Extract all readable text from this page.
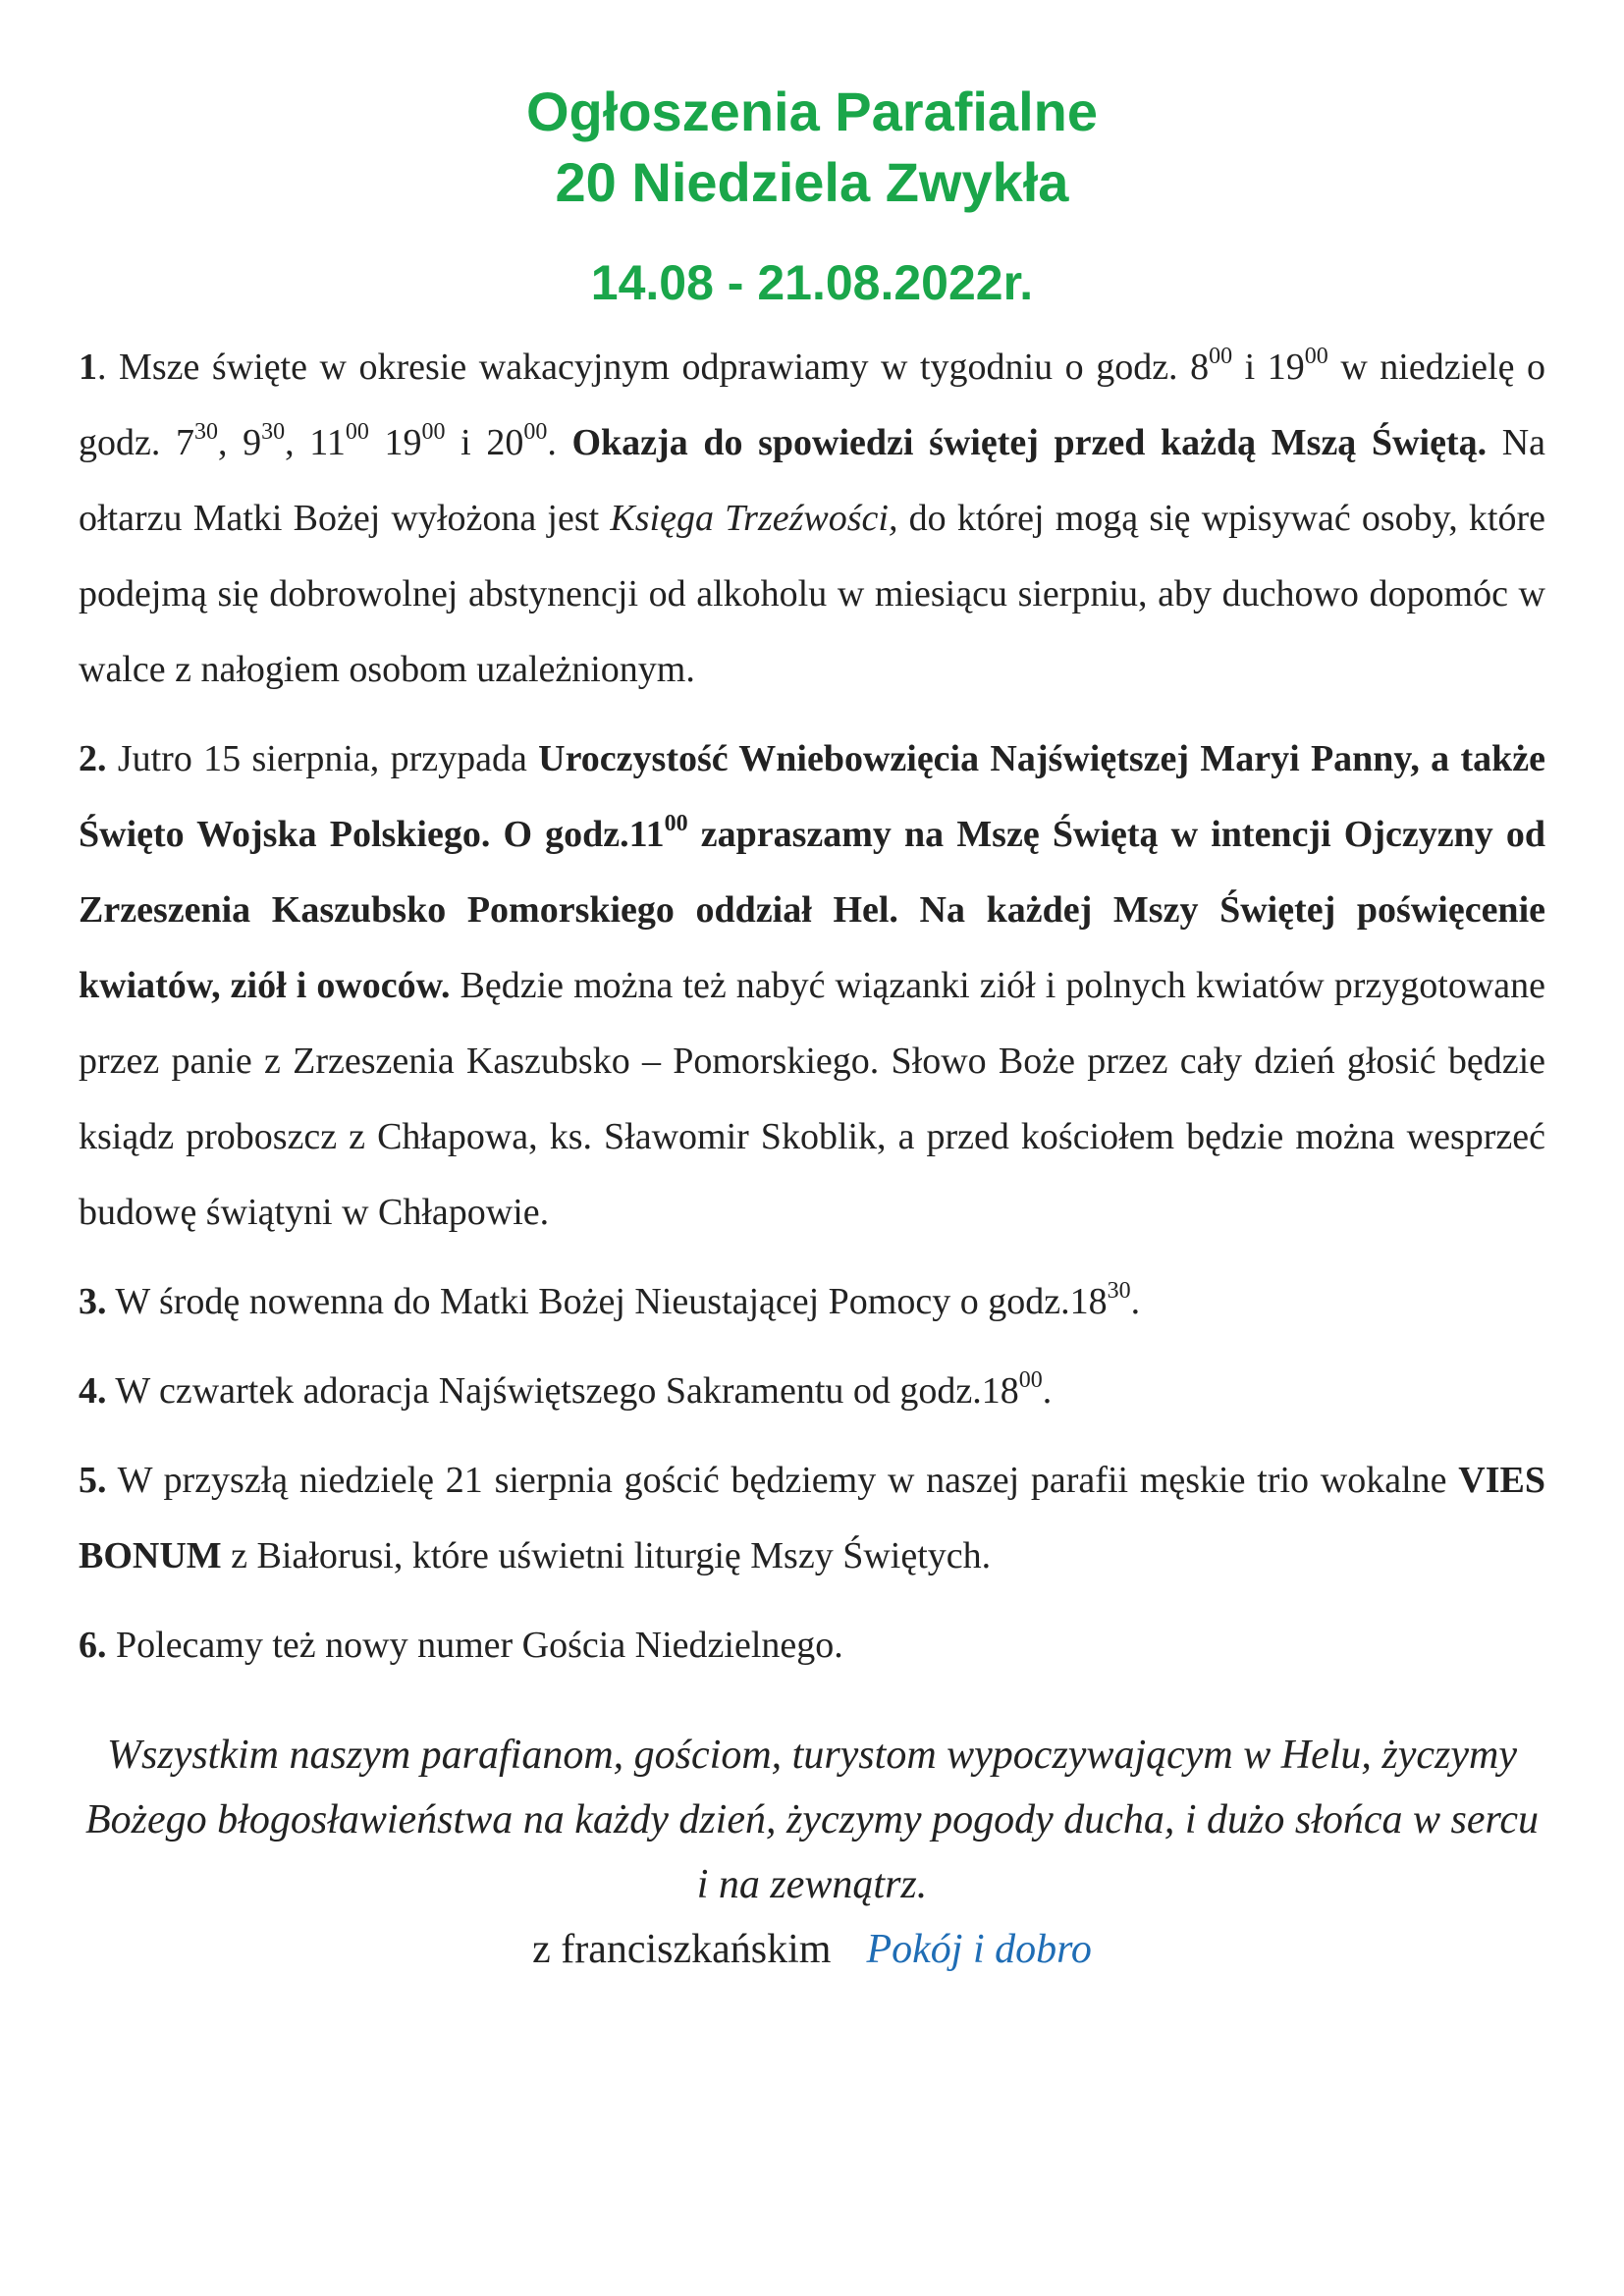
Ogłoszenia Parafialne
20 Niedziela Zwykła
14.08 - 21.08.2022r.

1. Msze święte w okresie wakacyjnym odprawiamy w tygodniu o godz. $8^{00}$ i $19^{00}$ w niedzielę o godz. $7^{30}$, $9^{30}$, $11^{00}$ $19^{00}$ i $20^{00}$. Okazja do spowiedzi świętej przed każdą Mszą Świętą. Na ołtarzu Matki Bożej wyłożona jest Księga Trzeźwości, do której mogą się wpisywać osoby, które podejmą się dobrowolnej abstynencji od alkoholu w miesiącu sierpniu, aby duchowo dopomóc w walce z nałogiem osobom uzależnionym.

2. Jutro 15 sierpnia, przypada Uroczystość Wniebowzięcia Najświętszej Maryi Panny, a także Święto Wojska Polskiego. O $godz.11^{00}$ zapraszamy na Mszę Świętą w intencji Ojczyzny od Zrzeszenia Kaszubsko Pomorskiego oddział Hel. Na każdej Mszy Świętej poświęcenie kwiatów, ziół i owoców. Będzie można też nabyć wiązanki ziół i polnych kwiatów przygotowane przez panie z Zrzeszenia Kaszubsko – Pomorskiego. Słowo Boże przez cały dzień głosić będzie ksiądz proboszcz z Chłapowa, ks. Sławomir Skoblik, a przed kościołem będzie można wesprzeć budowę świątyni w Chłapowie.

3. W środę nowenna do Matki Bożej Nieustającej Pomocy o $godz.18^{30}$.

4. W czwartek adoracja Najświętszego Sakramentu od $godz.18^{00}$.

5. W przyszłą niedzielę 21 sierpnia gościć będziemy w naszej parafii męskie trio wokalne VIES BONUM z Białorusi, które uświetni liturgię Mszy Świętych.

6. Polecamy też nowy numer Gościa Niedzielnego.

Wszystkim naszym parafianom, gościom, turystom wypoczywającym w Helu, życzymy Bożego błogosławieństwa na każdy dzień, życzymy pogody ducha, i dużo słońca w sercu i na zewnątrz.
z franciszkańskim Pokój i dobro
